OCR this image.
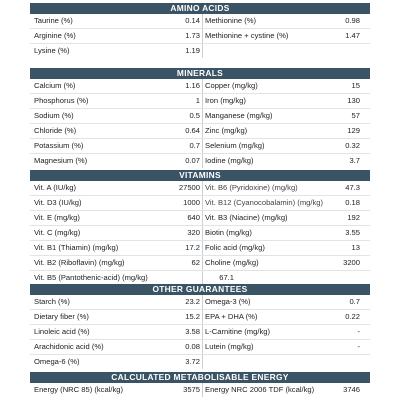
AMINO ACIDS
Taurine (%)	0.14 Methionine (%)	0.98
Arginine (%)	1.73 Methionine + cystine (%)	1.47
Lysine (%)	1.19
MINERALS
Calcium (%)	1.16 Copper (mg/kg)	15
Phosphorus (%)	1 Iron (mg/kg)	130
Sodium (%)	0.5 Manganese (mg/kg)	57
Chloride (%)	0.64 Zinc (mg/kg)	129
Potassium (%)	0.7 Selenium (mg/kg)	0.32
Magnesium (%)	0.07 Iodine (mg/kg)	3.7
VITAMINS
Vit. A (IU/kg)	27500 Vit. B6 (Pyridoxine) (mg/kg)	47.3
Vit. D3 (IU/kg)	1000 Vit. B12 (Cyanocobalamin) (mg/kg)	0.18
Vit. E (mg/kg)	640 Vit. B3 (Niacine) (mg/kg)	192
Vit. C (mg/kg)	320 Biotin (mg/kg)	3.55
Vit. B1 (Thiamin) (mg/kg)	17.2 Folic acid (mg/kg)	13
Vit. B2 (Riboflavin) (mg/kg)	62 Choline (mg/kg)	3200
Vit. B5 (Pantothenic-acid) (mg/kg)	67.1
OTHER GUARANTEES
Starch (%)	23.2 Omega-3 (%)	0.7
Dietary fiber (%)	15.2 EPA + DHA (%)	0.22
Linoleic acid (%)	3.58 L-Carnitine (mg/kg)	-
Arachidonic acid (%)	0.08 Lutein (mg/kg)	-
Omega-6 (%)	3.72
CALCULATED METABOLISABLE ENERGY
Energy (NRC 85) (kcal/kg)	3575 Energy NRC 2006 TDF (kcal/kg)	3746
